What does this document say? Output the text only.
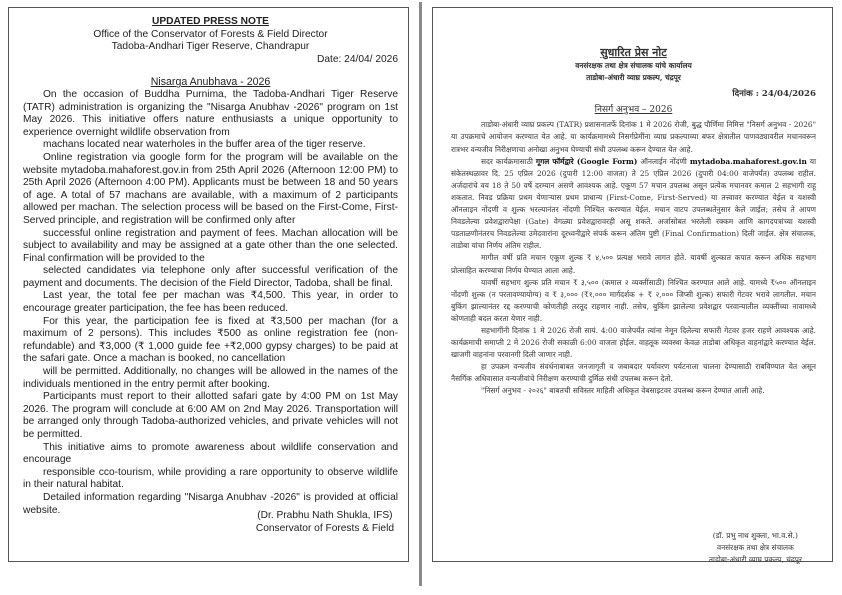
UPDATED PRESS NOTE
Office of the Conservator of Forests & Field Director
Tadoba-Andhari Tiger Reserve, Chandrapur
Date: 24/04/ 2026
Nisarga Anubhava - 2026

On the occasion of Buddha Purnima, the Tadoba-Andhari Tiger Reserve (TATR) administration is organizing the "Nisarga Anubhav -2026" program on 1st May 2026. This initiative offers nature enthusiasts a unique opportunity to experience overnight wildlife observation from

machans located near waterholes in the buffer area of the tiger reserve.

Online registration via google form for the program will be available on the website mytadoba.mahaforest.gov.in from 25th April 2026 (Afternoon 12:00 PM) to 25th April 2026 (Afternoon 4:00 PM). Applicants must be between 18 and 50 years of age. A total of 57 machans are available, with a maximum of 2 participants allowed per machan. The selection process will be based on the First-Come, First-Served principle, and registration will be confirmed only after

successful online registration and payment of fees. Machan allocation will be subject to availability and may be assigned at a gate other than the one selected. Final confirmation will be provided to the

selected candidates via telephone only after successful verification of the payment and documents. The decision of the Field Director, Tadoba, shall be final.

Last year, the total fee per machan was ₹4,500. This year, in order to encourage greater participation, the fee has been reduced.

For this year, the participation fee is fixed at ₹3,500 per machan (for a maximum of 2 persons). This includes ₹500 as online registration fee (non-refundable) and ₹3,000 (₹ 1,000 guide fee +₹2,000 gypsy charges) to be paid at the safari gate. Once a machan is booked, no cancellation

will be permitted. Additionally, no changes will be allowed in the names of the individuals mentioned in the entry permit after booking.

Participants must report to their allotted safari gate by 4:00 PM on 1st May 2026. The program will conclude at 6:00 AM on 2nd May 2026. Transportation will be arranged only through Tadoba-authorized vehicles, and private vehicles will not be permitted.

This initiative aims to promote awareness about wildlife conservation and encourage

responsible cco-tourism, while providing a rare opportunity to observe wildlife in their natural habitat.

Detailed information regarding "Nisarga Anubhav -2026" is provided at official website.	(Dr. Prabhu Nath Shukla, IFS)
Conservator of Forests & Field
सुधारित प्रेस नोट
वनसंरक्षक तथा क्षेत्र संचालक यांचे कार्यालय
ताडोबा-अंधारी व्याघ्र प्रकल्प, चंद्रपूर
दिनांक : 24/04/2026
निसर्ग अनुभव – 2026

ताडोबा-अंधारी व्याघ्र प्रकल्प (TATR) प्रशासनातर्फे दिनांक 1 मे 2026 रोजी, बुद्ध पौर्णिमा निमित्त "निसर्ग अनुभव - 2026" या उपक्रमाचे आयोजन करण्यात येत आहे. या कार्यक्रमामध्ये निसर्गप्रेमींना व्याघ्र प्रकल्पाच्या बफर क्षेत्रातील पाणवठ्यावरील मचानवरून रात्रभर वन्यजीव निरीक्षणाचा अनोखा अनुभव घेण्याची संधी उपलब्ध करून देण्यात येत आहे.

सदर कार्यक्रमासाठी गूगल फॉर्मद्वारे (Google Form) ऑनलाईन नोंदणी mytadoba.mahaforest.gov.in या संकेतस्थळावर दि. 25 एप्रिल 2026 (दुपारी 12:00 वाजता) ते 25 एप्रिल 2026 (दुपारी 04:00 वाजेपर्यंत) उपलब्ध राहील. अर्जदारांचे वय 18 ते 50 वर्षे दरम्यान असणे आवश्यक आहे. एकूण 57 मचान उपलब्ध असून प्रत्येक मचानवर कमाल 2 सहभागी राहू शकतात. निवड प्रक्रिया प्रथम येणाऱ्यास प्रथम प्राधान्य (First-Come, First-Served) या तत्त्वावर करण्यात येईल व यशस्वी ऑनलाइन नोंदणी व शुल्क भरल्यानंतर नोंदणी निश्चित करण्यात येईल. मचान वाटप उपलब्धतेनुसार केले जाईल; तसेच ते आपण निवडलेल्या प्रवेशद्वारापेक्षा (Gate) वेगळ्या प्रवेशद्वारावरही असू शकते. अर्जासोबत भरलेली रक्कम आणि कागदपत्रांच्या यशस्वी पडताळणीनंतरच निवडलेल्या उमेदवारांना दूरध्वनीद्वारे संपर्क करून अंतिम पुष्टी (Final Confirmation) दिली जाईल. क्षेत्र संचालक, ताडोबा यांचा निर्णय अंतिम राहील.

मागील वर्षी प्रति मचान एकूण शुल्क ₹ ४,५०० प्रत्यक्ष भरावे लागत होते. यावर्षी शुल्कात कपात करून अधिक सहभाग प्रोत्साहित करण्याचा निर्णय घेण्यात आला आहे.

यावर्षी सहभाग शुल्क प्रति मचान ₹ ३,५०० (कमाल २ व्यक्तींसाठी) निश्चित करण्यात आले आहे. यामध्ये ₹५०० ऑनलाइन नोंदणी शुल्क (न परतावण्यायोग्य) व ₹ ३,००० (₹१,००० मार्गदर्शक + ₹ २,००० जिप्सी शुल्क) सफारी गेटवर भरावे लागतील. मचान बुकिंग झाल्यानंतर रद्द करण्याची कोणतीही तरतूद राहणार नाही. तसेच, बुकिंग झालेल्या प्रवेशद्वार परवान्यातील व्यक्तींच्या नावामध्ये कोणताही बदल करता येणार नाही.

सहभागींनी दिनांक 1 मे 2026 रोजी सायं. 4:00 वाजेपर्यंत त्यांना नेमून दिलेल्या सफारी गेटवर हजर राहणे आवश्यक आहे. कार्यक्रमाची समाप्ती 2 मे 2026 रोजी सकाळी 6:00 वाजता होईल. वाहतूक व्यवस्था केवळ ताडोबा अधिकृत वाहनांद्वारे करण्यात येईल. खाजगी वाहनांना परवानगी दिली जाणार नाही.

हा उपक्रम वन्यजीव संवर्धनाबाबत जनजागृती व जबाबदार पर्यावरण पर्यटनाला चालना देण्यासाठी राबविण्यात येत असून नैसर्गिक अधिवासात वन्यजीवांचे निरीक्षण करण्याची दुर्मिळ संधी उपलब्ध करून देतो.

"निसर्ग अनुभव - २०२६" बाबतची सविस्तर माहिती अधिकृत वेबसाइटवर उपलब्ध करून देण्यात आली आहे.

(डॉ. प्रभु नाथ शुक्ला, भा.व.से.)
वनसंरक्षक तथा क्षेत्र संचालक
ताडोबा-अंधारी व्याघ्र प्रकल्प, चंद्रपूर
